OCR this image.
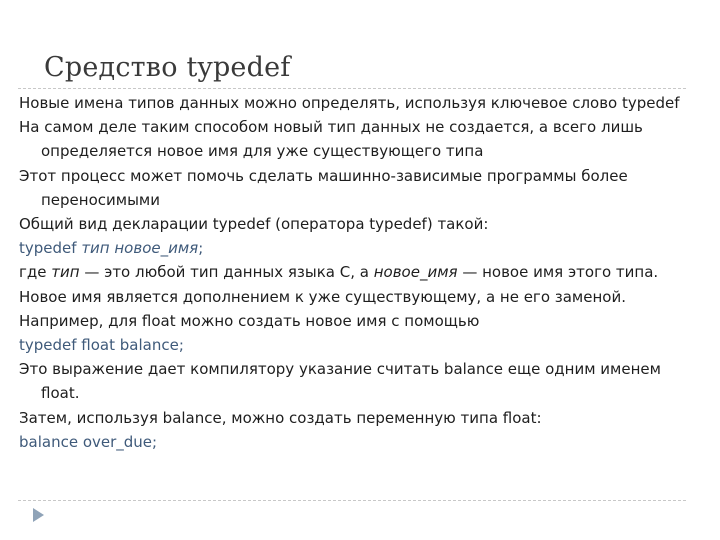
Средство typedef

Новые имена типов данных можно определять, используя ключевое слово typedef

На самом деле таким способом новый тип данных не создается, а всего лишь определяется новое имя для уже существующего типа

Этот процесс может помочь сделать машинно-зависимые программы более переносимыми

Общий вид декларации typedef (оператора typedef) такой:

typedef тип новое_имя;

где тип — это любой тип данных языка С, а новое_имя — новое имя этого типа.

Новое имя является дополнением к уже существующему, а не его заменой.

Например, для float можно создать новое имя с помощью

typedef float balance;

Это выражение дает компилятору указание считать balance еще одним именем float.

Затем, используя balance, можно создать переменную типа float:

balance over_due;
